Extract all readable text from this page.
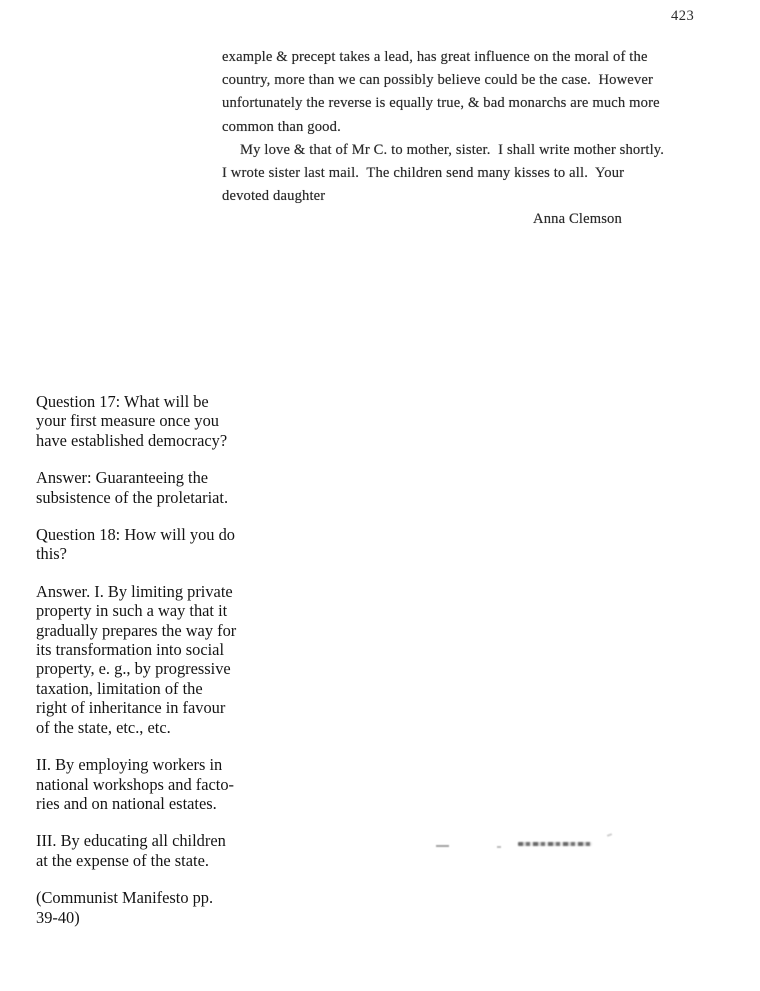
423
example & precept takes a lead, has great influence on the moral of the
country, more than we can possibly believe could be the case.  However
unfortunately the reverse is equally true, & bad monarchs are much more
common than good.
My love & that of Mr C. to mother, sister.  I shall write mother shortly.
I wrote sister last mail.  The children send many kisses to all.  Your
devoted daughter
Anna Clemson
Question 17: What will be
your first measure once you
have established democracy?
Answer: Guaranteeing the
subsistence of the proletariat.
Question 18: How will you do
this?
Answer. I. By limiting private
property in such a way that it
gradually prepares the way for
its transformation into social
property, e. g., by progressive
taxation, limitation of the
right of inheritance in favour
of the state, etc., etc.
II. By employing workers in
national workshops and facto-
ries and on national estates.
III. By educating all children
at the expense of the state.
(Communist Manifesto pp.
39-40)
